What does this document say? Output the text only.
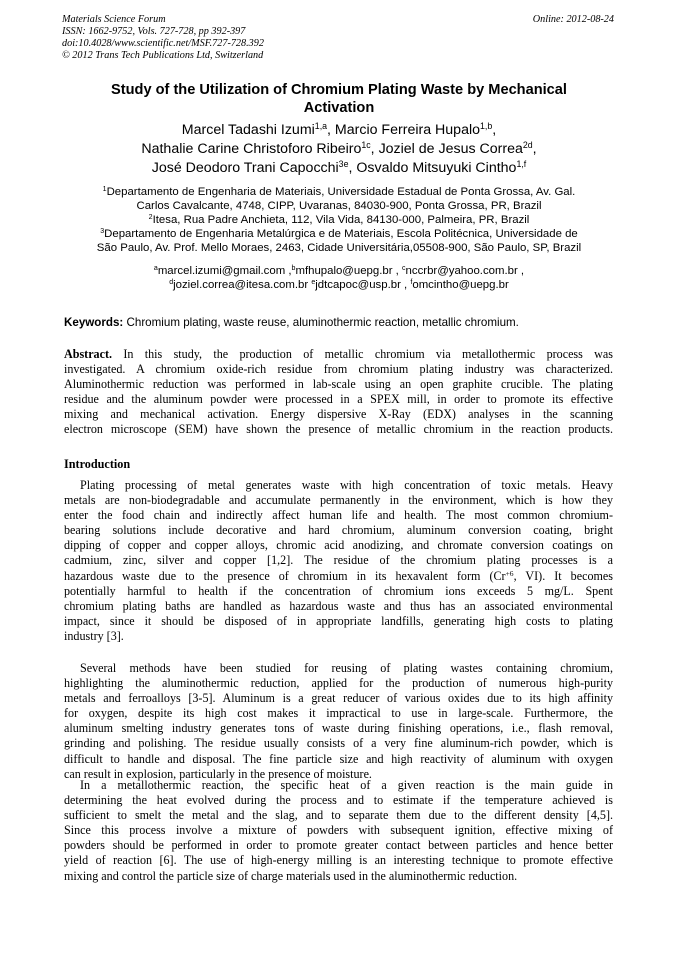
Materials Science Forum
ISSN: 1662-9752, Vols. 727-728, pp 392-397
doi:10.4028/www.scientific.net/MSF.727-728.392
© 2012 Trans Tech Publications Ltd, Switzerland
Online: 2012-08-24
Study of the Utilization of Chromium Plating Waste by Mechanical
Activation
Marcel Tadashi Izumi$^{1,a}$, Marcio Ferreira Hupalo$^{1,b}$,
Nathalie Carine Christoforo Ribeiro$^{1c}$, Joziel de Jesus Correa$^{2d}$,
José Deodoro Trani Capocchi$^{3e}$, Osvaldo Mitsuyuki Cintho$^{1,f}$
$^1$Departamento de Engenharia de Materiais, Universidade Estadual de Ponta Grossa, Av. Gal.
Carlos Cavalcante, 4748, CIPP, Uvaranas, 84030-900, Ponta Grossa, PR, Brazil
$^2$Itesa, Rua Padre Anchieta, 112, Vila Vida, 84130-000, Palmeira, PR, Brazil
$^3$Departamento de Engenharia Metalúrgica e de Materiais, Escola Politécnica, Universidade de
São Paulo, Av. Prof. Mello Moraes, 2463, Cidade Universitária,05508-900, São Paulo, SP, Brazil
$^a$marcel.izumi@gmail.com ,$^b$mfhupalo@uepg.br , $^c$nccrbr@yahoo.com.br ,
$^d$joziel.correa@itesa.com.br $^e$jdtcapoc@usp.br , $^f$omcintho@uepg.br
Keywords: Chromium plating, waste reuse, aluminothermic reaction, metallic chromium.
Abstract. In this study, the production of metallic chromium via metallothermic process was
investigated. A chromium oxide-rich residue from chromium plating industry was characterized.
Aluminothermic reduction was performed in lab-scale using an open graphite crucible. The plating
residue and the aluminum powder were processed in a SPEX mill, in order to promote its effective
mixing and mechanical activation. Energy dispersive X-Ray (EDX) analyses in the scanning
electron microscope (SEM) have shown the presence of metallic chromium in the reaction products.
Introduction
Plating processing of metal generates waste with high concentration of toxic metals. Heavy
metals are non-biodegradable and accumulate permanently in the environment, which is how they
enter the food chain and indirectly affect human life and health. The most common chromium-
bearing solutions include decorative and hard chromium, aluminum conversion coating, bright
dipping of copper and copper alloys, chromic acid anodizing, and chromate conversion coatings on
cadmium, zinc, silver and copper [1,2]. The residue of the chromium plating processes is a
hazardous waste due to the presence of chromium in its hexavalent form ($Cr^{+6}$, VI). It becomes
potentially harmful to health if the concentration of chromium ions exceeds 5 mg/L. Spent
chromium plating baths are handled as hazardous waste and thus has an associated environmental
impact, since it should be disposed of in appropriate landfills, generating high costs to plating
industry [3].
Several methods have been studied for reusing of plating wastes containing chromium,
highlighting the aluminothermic reduction, applied for the production of numerous high-purity
metals and ferroalloys [3-5]. Aluminum is a great reducer of various oxides due to its high affinity
for oxygen, despite its high cost makes it impractical to use in large-scale. Furthermore, the
aluminum smelting industry generates tons of waste during finishing operations, i.e., flash removal,
grinding and polishing. The residue usually consists of a very fine aluminum-rich powder, which is
difficult to handle and disposal. The fine particle size and high reactivity of aluminum with oxygen
can result in explosion, particularly in the presence of moisture.
In a metallothermic reaction, the specific heat of a given reaction is the main guide in
determining the heat evolved during the process and to estimate if the temperature achieved is
sufficient to smelt the metal and the slag, and to separate them due to the different density [4,5].
Since this process involve a mixture of powders with subsequent ignition, effective mixing of
powders should be performed in order to promote greater contact between particles and hence better
yield of reaction [6]. The use of high-energy milling is an interesting technique to promote effective
mixing and control the particle size of charge materials used in the aluminothermic reduction.
